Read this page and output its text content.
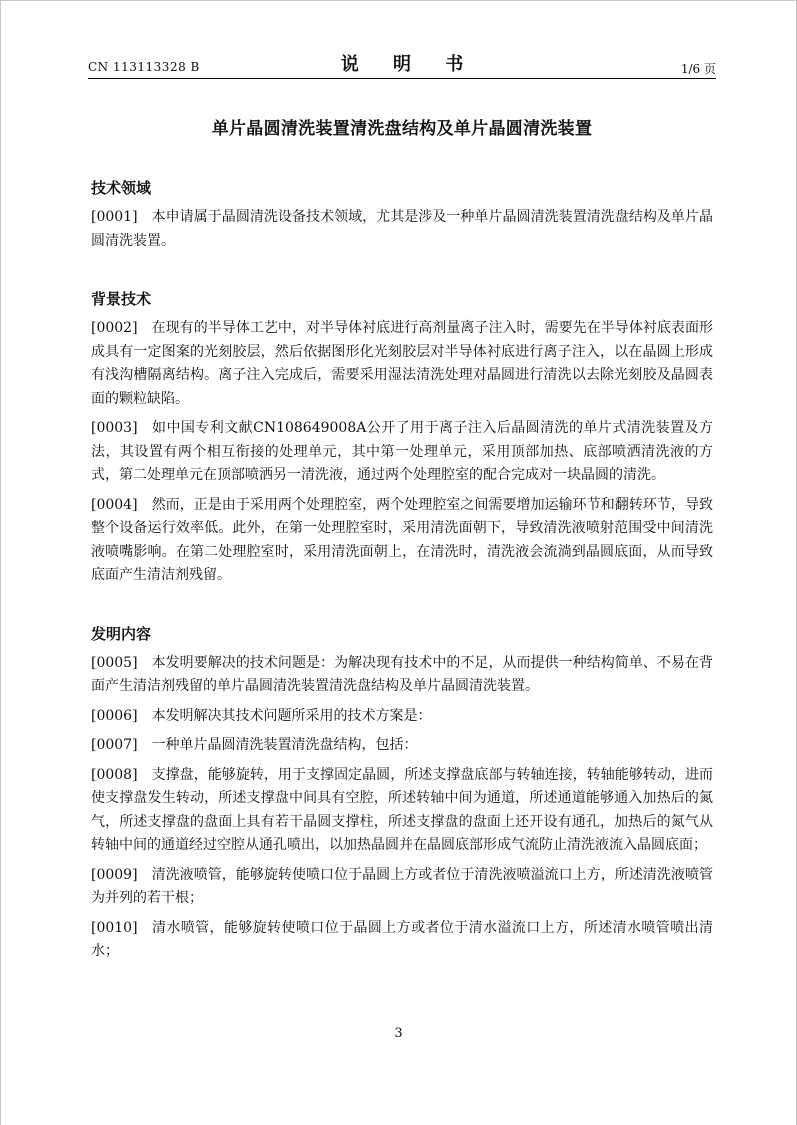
CN 113113328 B	说 明 书	1/6 页
单片晶圆清洗装置清洗盘结构及单片晶圆清洗装置
技术领域

[0001] 本申请属于晶圆清洗设备技术领域，尤其是涉及一种单片晶圆清洗装置清洗盘结构及单片晶圆清洗装置。

背景技术

[0002] 在现有的半导体工艺中，对半导体衬底进行高剂量离子注入时，需要先在半导体衬底表面形成具有一定图案的光刻胶层，然后依据图形化光刻胶层对半导体衬底进行离子注入，以在晶圆上形成有浅沟槽隔离结构。离子注入完成后，需要采用湿法清洗处理对晶圆进行清洗以去除光刻胶及晶圆表面的颗粒缺陷。

[0003] 如中国专利文献CN108649008A公开了用于离子注入后晶圆清洗的单片式清洗装置及方法，其设置有两个相互衔接的处理单元，其中第一处理单元，采用顶部加热、底部喷洒清洗液的方式，第二处理单元在顶部喷洒另一清洗液，通过两个处理腔室的配合完成对一块晶圆的清洗。

[0004] 然而，正是由于采用两个处理腔室，两个处理腔室之间需要增加运输环节和翻转环节，导致整个设备运行效率低。此外，在第一处理腔室时，采用清洗面朝下，导致清洗液喷射范围受中间清洗液喷嘴影响。在第二处理腔室时，采用清洗面朝上，在清洗时，清洗液会流淌到晶圆底面，从而导致底面产生清洁剂残留。

发明内容

[0005] 本发明要解决的技术问题是：为解决现有技术中的不足，从而提供一种结构简单、不易在背面产生清洁剂残留的单片晶圆清洗装置清洗盘结构及单片晶圆清洗装置。

[0006] 本发明解决其技术问题所采用的技术方案是：

[0007] 一种单片晶圆清洗装置清洗盘结构，包括：

[0008] 支撑盘，能够旋转，用于支撑固定晶圆，所述支撑盘底部与转轴连接，转轴能够转动，进而使支撑盘发生转动，所述支撑盘中间具有空腔，所述转轴中间为通道，所述通道能够通入加热后的氮气，所述支撑盘的盘面上具有若干晶圆支撑柱，所述支撑盘的盘面上还开设有通孔，加热后的氮气从转轴中间的通道经过空腔从通孔喷出，以加热晶圆并在晶圆底部形成气流防止清洗液流入晶圆底面；

[0009] 清洗液喷管，能够旋转使喷口位于晶圆上方或者位于清洗液喷溢流口上方，所述清洗液喷管为并列的若干根；

[0010] 清水喷管，能够旋转使喷口位于晶圆上方或者位于清水溢流口上方，所述清水喷管喷出清水；

3
